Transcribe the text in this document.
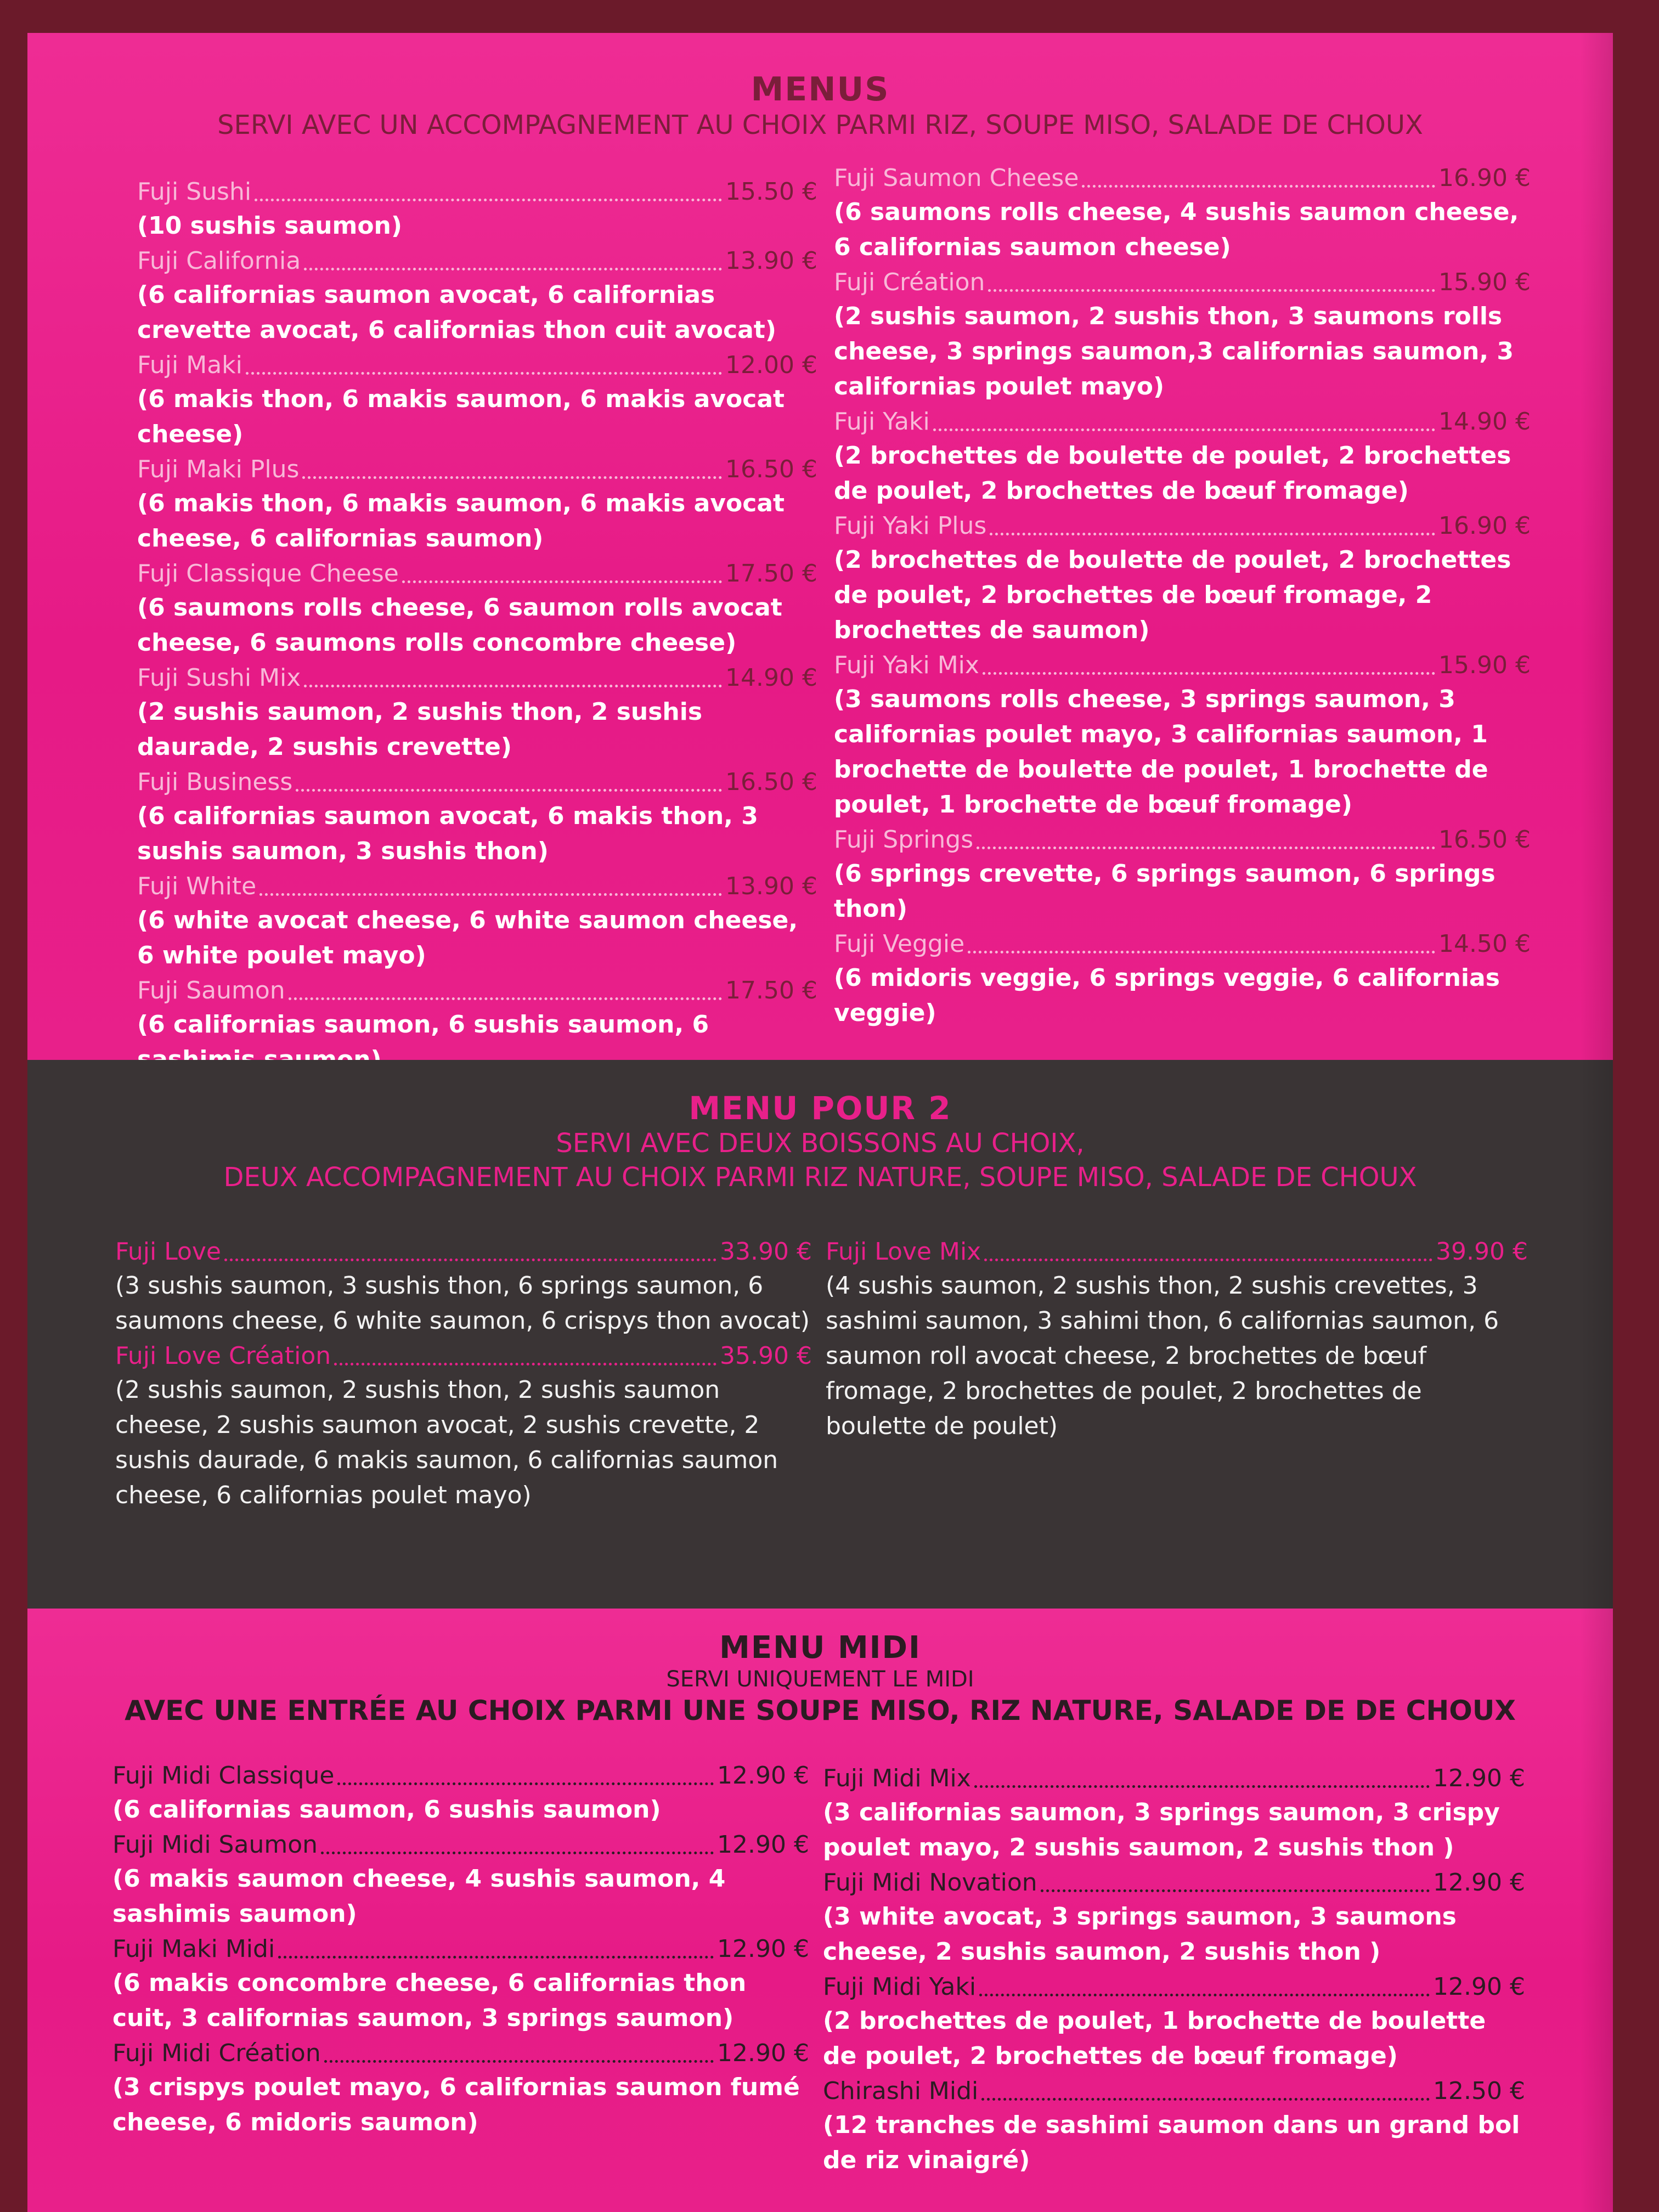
MENUS
SERVI AVEC UN ACCOMPAGNEMENT AU CHOIX PARMI RIZ, SOUPE MISO, SALADE DE CHOUX
Fuji Sushi	15.50 €
(10 sushis saumon)
Fuji California	13.90 €
(6 californias saumon avocat, 6 californias crevette avocat, 6 californias thon cuit avocat)
Fuji Maki	12.00 €
(6 makis thon, 6 makis saumon, 6 makis avocat cheese)
Fuji Maki Plus	16.50 €
(6 makis thon, 6 makis saumon, 6 makis avocat cheese, 6 californias saumon)
Fuji Classique Cheese	17.50 €
(6 saumons rolls cheese, 6 saumon rolls avocat cheese, 6 saumons rolls concombre cheese)
Fuji Sushi Mix	14.90 €
(2 sushis saumon, 2 sushis thon, 2 sushis daurade, 2 sushis crevette)
Fuji Business	16.50 €
(6 californias saumon avocat, 6 makis thon, 3 sushis saumon, 3 sushis thon)
Fuji White	13.90 €
(6 white avocat cheese, 6 white saumon cheese, 6 white poulet mayo)
Fuji Saumon	17.50 €
(6 californias saumon, 6 sushis saumon, 6
Fuji Saumon Cheese	16.90 €
(6 saumons rolls cheese, 4 sushis saumon cheese, 6 californias saumon cheese)
Fuji Création	15.90 €
(2 sushis saumon, 2 sushis thon, 3 saumons rolls cheese, 3 springs saumon,3 californias saumon, 3 californias poulet mayo)
Fuji Yaki	14.90 €
(2 brochettes de boulette de poulet, 2 brochettes de poulet, 2 brochettes de bœuf fromage)
Fuji Yaki Plus	16.90 €
(2 brochettes de boulette de poulet, 2 brochettes de poulet, 2 brochettes de bœuf fromage, 2 brochettes de saumon)
Fuji Yaki Mix	15.90 €
(3 saumons rolls cheese, 3 springs saumon, 3 californias poulet mayo, 3 californias saumon, 1 brochette de boulette de poulet, 1 brochette de poulet, 1 brochette de bœuf fromage)
Fuji Springs	16.50 €
(6 springs crevette, 6 springs saumon, 6 springs thon)
Fuji Veggie	14.50 €
(6 midoris veggie, 6 springs veggie, 6 californias veggie)
MENU POUR 2
SERVI AVEC DEUX BOISSONS AU CHOIX,
DEUX ACCOMPAGNEMENT AU CHOIX PARMI RIZ NATURE, SOUPE MISO, SALADE DE CHOUX
Fuji Love	33.90 €
(3 sushis saumon, 3 sushis thon, 6 springs saumon, 6 saumons cheese, 6 white saumon, 6 crispys thon avocat)
Fuji Love Création	35.90 €
(2 sushis saumon, 2 sushis thon, 2 sushis saumon cheese, 2 sushis saumon avocat, 2 sushis crevette, 2 sushis daurade, 6 makis saumon, 6 californias saumon cheese, 6 californias poulet mayo)
Fuji Love Mix	39.90 €
(4 sushis saumon, 2 sushis thon, 2 sushis crevettes, 3 sashimi saumon, 3 sahimi thon, 6 californias saumon, 6 saumon roll avocat cheese, 2 brochettes de bœuf fromage, 2 brochettes de poulet, 2 brochettes de boulette de poulet)
MENU MIDI
SERVI UNIQUEMENT LE MIDI
AVEC UNE ENTRÉE AU CHOIX PARMI UNE SOUPE MISO, RIZ NATURE, SALADE DE DE CHOUX
Fuji Midi Classique	12.90 €
(6 californias saumon, 6 sushis saumon)
Fuji Midi Saumon	12.90 €
(6 makis saumon cheese, 4 sushis saumon, 4 sashimis saumon)
Fuji Maki Midi	12.90 €
(6 makis concombre cheese, 6 californias thon cuit, 3 californias saumon, 3 springs saumon)
Fuji Midi Création	12.90 €
(3 crispys poulet mayo, 6 californias saumon fumé cheese, 6 midoris saumon)
Fuji Midi Mix	12.90 €
(3 californias saumon, 3 springs saumon, 3 crispy poulet mayo, 2 sushis saumon, 2 sushis thon )
Fuji Midi Novation	12.90 €
(3 white avocat, 3 springs saumon, 3 saumons cheese, 2 sushis saumon, 2 sushis thon )
Fuji Midi Yaki	12.90 €
(2 brochettes de poulet, 1 brochette de boulette de poulet, 2 brochettes de bœuf fromage)
Chirashi Midi	12.50 €
(12 tranches de sashimi saumon dans un grand bol de riz vinaigré)
